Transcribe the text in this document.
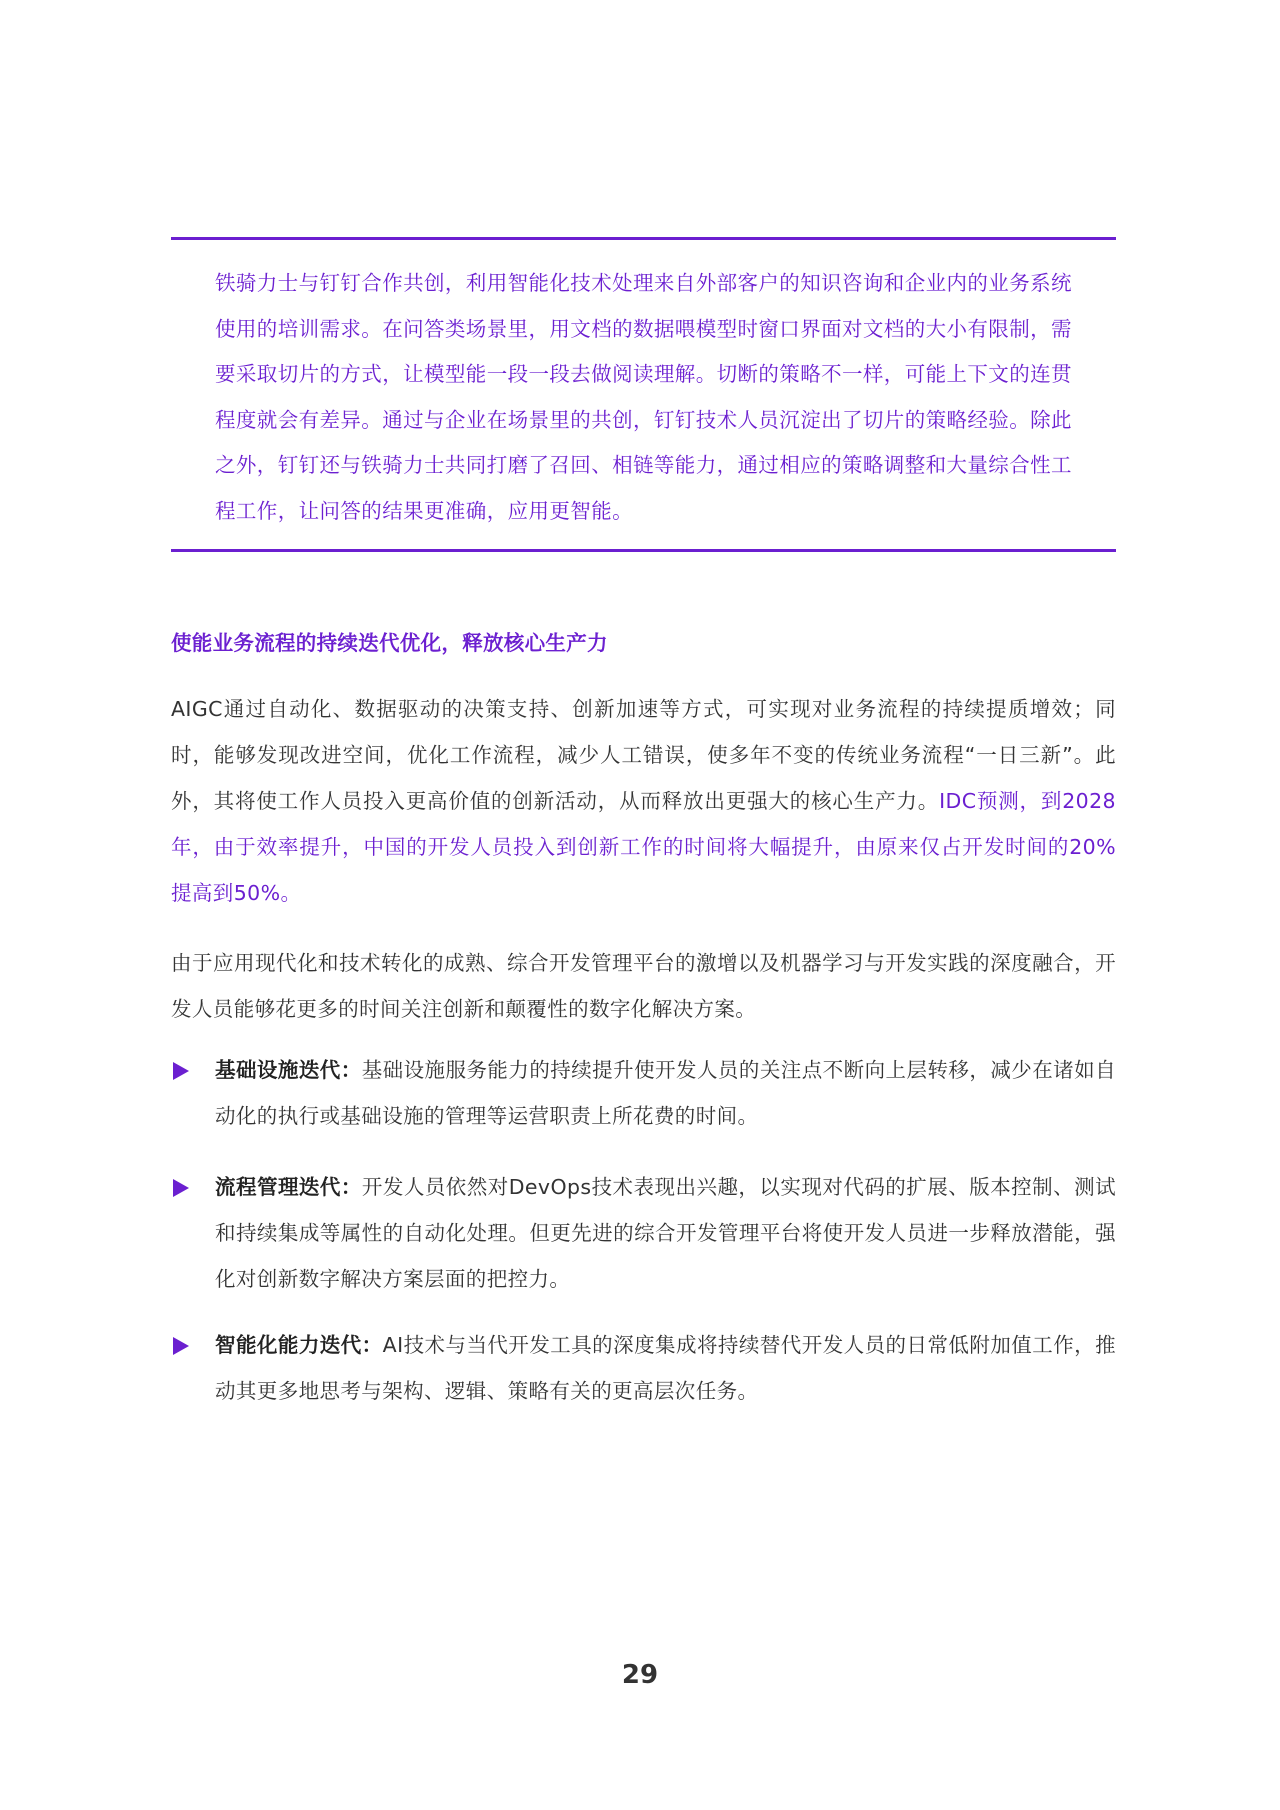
铁骑力士与钉钉合作共创，利用智能化技术处理来自外部客户的知识咨询和企业内的业务系统使用的培训需求。在问答类场景里，用文档的数据喂模型时窗口界面对文档的大小有限制，需要采取切片的方式，让模型能一段一段去做阅读理解。切断的策略不一样，可能上下文的连贯程度就会有差异。通过与企业在场景里的共创，钉钉技术人员沉淀出了切片的策略经验。除此之外，钉钉还与铁骑力士共同打磨了召回、相链等能力，通过相应的策略调整和大量综合性工程工作，让问答的结果更准确，应用更智能。
使能业务流程的持续迭代优化，释放核心生产力
AIGC通过自动化、数据驱动的决策支持、创新加速等方式，可实现对业务流程的持续提质增效；同时，能够发现改进空间，优化工作流程，减少人工错误，使多年不变的传统业务流程“一日三新”。此外，其将使工作人员投入更高价值的创新活动，从而释放出更强大的核心生产力。IDC预测，到2028年，由于效率提升，中国的开发人员投入到创新工作的时间将大幅提升，由原来仅占开发时间的20%提高到50%。
由于应用现代化和技术转化的成熟、综合开发管理平台的激增以及机器学习与开发实践的深度融合，开发人员能够花更多的时间关注创新和颠覆性的数字化解决方案。
基础设施迭代：基础设施服务能力的持续提升使开发人员的关注点不断向上层转移，减少在诸如自动化的执行或基础设施的管理等运营职责上所花费的时间。
流程管理迭代：开发人员依然对DevOps技术表现出兴趣，以实现对代码的扩展、版本控制、测试和持续集成等属性的自动化处理。但更先进的综合开发管理平台将使开发人员进一步释放潜能，强化对创新数字解决方案层面的把控力。
智能化能力迭代：AI技术与当代开发工具的深度集成将持续替代开发人员的日常低附加值工作，推动其更多地思考与架构、逻辑、策略有关的更高层次任务。
29
